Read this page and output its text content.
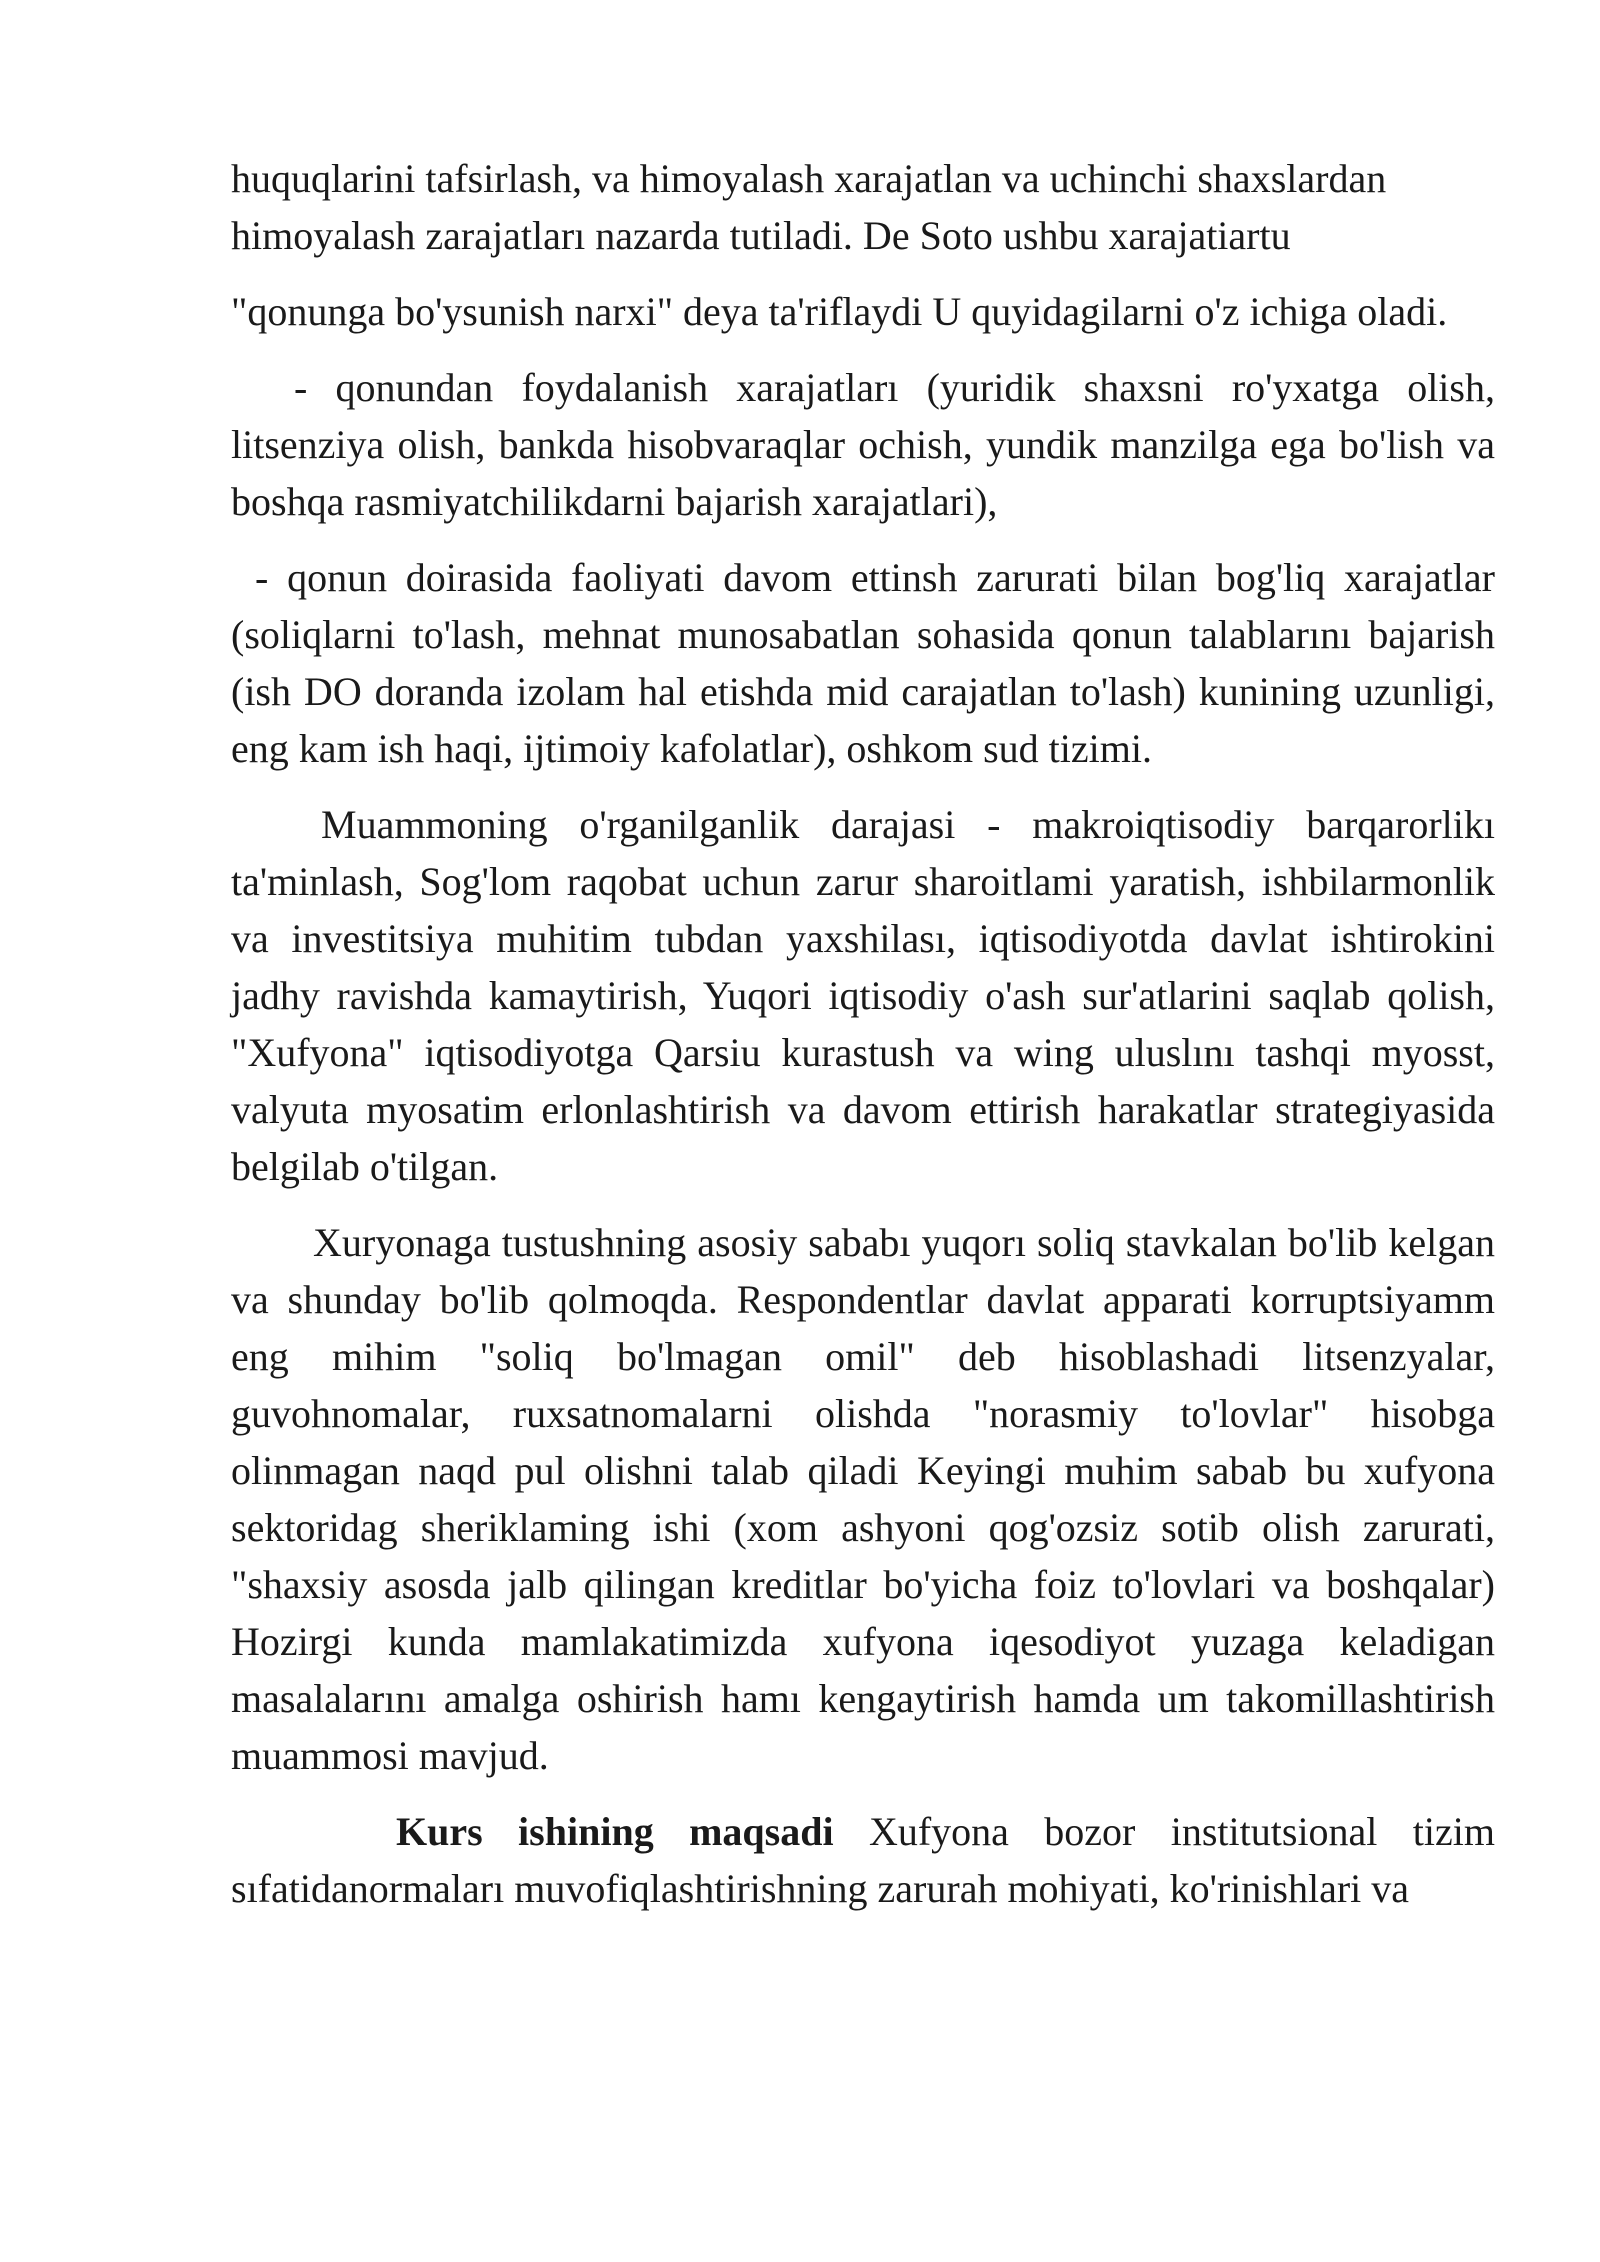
huquqlarini tafsirlash, va himoyalash xarajatlan va uchinchi shaxslardan
himoyalash zarajatları nazarda tutiladi. De Soto ushbu xarajatiartu

"qonunga bo'ysunish narxi" deya ta'riflaydi U quyidagilarni o'z ichiga oladi.

- qonundan foydalanish xarajatları (yuridik shaxsni ro'yxatga olish, litsenziya olish, bankda hisobvaraqlar ochish, yundik manzilga ega bo'lish va boshqa rasmiyatchilikdarni bajarish xarajatlari),

- qonun doirasida faoliyati davom ettinsh zarurati bilan bog'liq xarajatlar (soliqlarni to'lash, mehnat munosabatlan sohasida qonun talablarını bajarish (ish DO doranda izolam hal etishda mid carajatlan to'lash) kunining uzunligi, eng kam ish haqi, ijtimoiy kafolatlar), oshkom sud tizimi.

Muammoning o'rganilganlik darajasi - makroiqtisodiy barqarorlikı ta'minlash, Sog'lom raqobat uchun zarur sharoitlami yaratish, ishbilarmonlik va investitsiya muhitim tubdan yaxshilası, iqtisodiyotda davlat ishtirokini jadhy ravishda kamaytirish, Yuqori iqtisodiy o'ash sur'atlarini saqlab qolish, "Xufyona" iqtisodiyotga Qarsiu kurastush va wing uluslını tashqi myosst, valyuta myosatim erlonlashtirish va davom ettirish harakatlar strategiyasida belgilab o'tilgan.

Xuryonaga tustushning asosiy sababı yuqorı soliq stavkalan bo'lib kelgan va shunday bo'lib qolmoqda. Respondentlar davlat apparati korruptsiyamm eng mihim "soliq bo'lmagan omil" deb hisoblashadi litsenzyalar, guvohnomalar, ruxsatnomalarni olishda "norasmiy to'lovlar" hisobga olinmagan naqd pul olishni talab qiladi Keyingi muhim sabab bu xufyona sektoridag sheriklaming ishi (xom ashyoni qog'ozsiz sotib olish zarurati, "shaxsiy asosda jalb qilingan kreditlar bo'yicha foiz to'lovlari va boshqalar) Hozirgi kunda mamlakatimizda xufyona iqesodiyot yuzaga keladigan masalalarını amalga oshirish hamı kengaytirish hamda um takomillashtirish muammosi mavjud.

Kurs ishining maqsadi Xufyona bozor institutsional tizim sıfatidanormaları muvofiqlashtirishning zarurah mohiyati, ko'rinishlari va
